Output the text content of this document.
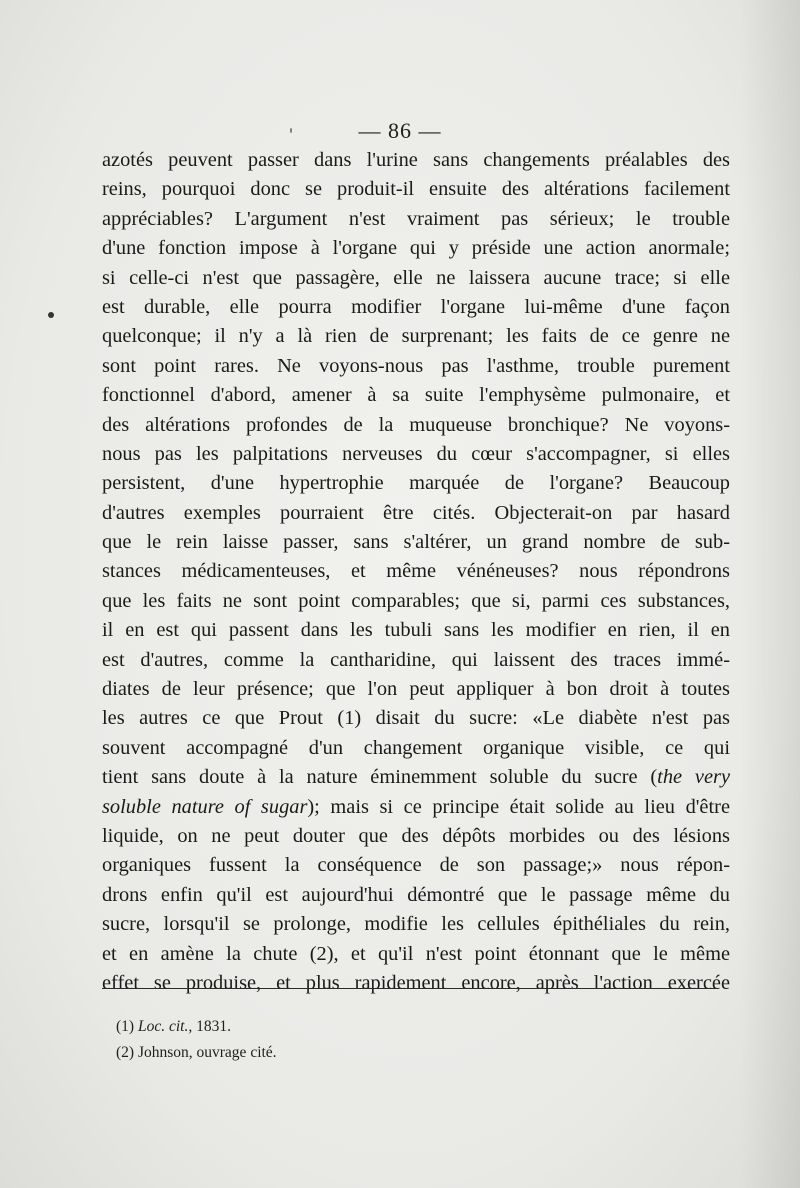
— 86 —
azotés peuvent passer dans l'urine sans changements préalables des
reins, pourquoi donc se produit-il ensuite des altérations facilement
appréciables? L'argument n'est vraiment pas sérieux; le trouble
d'une fonction impose à l'organe qui y préside une action anormale;
si celle-ci n'est que passagère, elle ne laissera aucune trace; si elle
est durable, elle pourra modifier l'organe lui-même d'une façon
quelconque; il n'y a là rien de surprenant; les faits de ce genre ne
sont point rares. Ne voyons-nous pas l'asthme, trouble purement
fonctionnel d'abord, amener à sa suite l'emphysème pulmonaire, et
des altérations profondes de la muqueuse bronchique? Ne voyons-
nous pas les palpitations nerveuses du cœur s'accompagner, si elles
persistent, d'une hypertrophie marquée de l'organe? Beaucoup
d'autres exemples pourraient être cités. Objecterait-on par hasard
que le rein laisse passer, sans s'altérer, un grand nombre de sub-
stances médicamenteuses, et même vénéneuses? nous répondrons
que les faits ne sont point comparables; que si, parmi ces substances,
il en est qui passent dans les tubuli sans les modifier en rien, il en
est d'autres, comme la cantharidine, qui laissent des traces immé-
diates de leur présence; que l'on peut appliquer à bon droit à toutes
les autres ce que Prout (1) disait du sucre: «Le diabète n'est pas
souvent accompagné d'un changement organique visible, ce qui
tient sans doute à la nature éminemment soluble du sucre (the very
soluble nature of sugar); mais si ce principe était solide au lieu d'être
liquide, on ne peut douter que des dépôts morbides ou des lésions
organiques fussent la conséquence de son passage;» nous répon-
drons enfin qu'il est aujourd'hui démontré que le passage même du
sucre, lorsqu'il se prolonge, modifie les cellules épithéliales du rein,
et en amène la chute (2), et qu'il n'est point étonnant que le même
effet se produise, et plus rapidement encore, après l'action exercée
(1) Loc. cit., 1831.
(2) Johnson, ouvrage cité.
